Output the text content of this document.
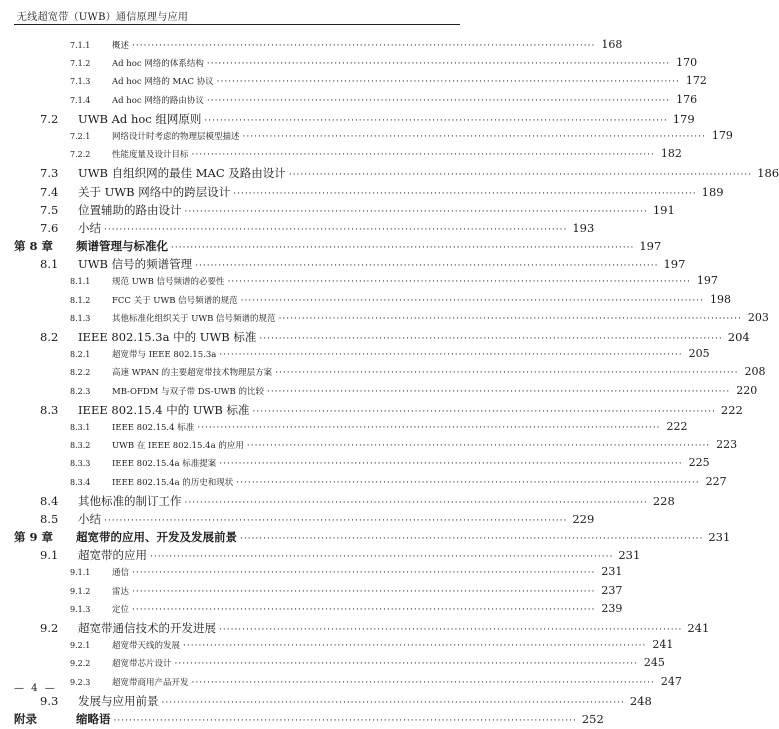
无线超宽带（UWB）通信原理与应用
7.1.1	概述 ························································································································ 168
7.1.2	Ad hoc 网络的体系结构 ························································································································ 170
7.1.3	Ad hoc 网络的 MAC 协议 ························································································································ 172
7.1.4	Ad hoc 网络的路由协议 ························································································································ 176
7.2	UWB Ad hoc 组网原则 ························································································································ 179
7.2.1	网络设计时考虑的物理层模型描述 ························································································································ 179
7.2.2	性能度量及设计目标 ························································································································ 182
7.3	UWB 自组织网的最佳 MAC 及路由设计 ························································································································ 186
7.4	关于 UWB 网络中的跨层设计 ························································································································ 189
7.5	位置辅助的路由设计 ························································································································ 191
7.6	小结 ························································································································ 193
第 8 章	频谱管理与标准化 ························································································································ 197
8.1	UWB 信号的频谱管理 ························································································································ 197
8.1.1	规范 UWB 信号频谱的必要性 ························································································································ 197
8.1.2	FCC 关于 UWB 信号频谱的规范 ························································································································ 198
8.1.3	其他标准化组织关于 UWB 信号频谱的规范 ························································································································ 203
8.2	IEEE 802.15.3a 中的 UWB 标准 ························································································································ 204
8.2.1	超宽带与 IEEE 802.15.3a ························································································································ 205
8.2.2	高速 WPAN 的主要超宽带技术物理层方案 ························································································································ 208
8.2.3	MB-OFDM 与双子带 DS-UWB 的比较 ························································································································ 220
8.3	IEEE 802.15.4 中的 UWB 标准 ························································································································ 222
8.3.1	IEEE 802.15.4 标准 ························································································································ 222
8.3.2	UWB 在 IEEE 802.15.4a 的应用 ························································································································ 223
8.3.3	IEEE 802.15.4a 标准提案 ························································································································ 225
8.3.4	IEEE 802.15.4a 的历史和现状 ························································································································ 227
8.4	其他标准的制订工作 ························································································································ 228
8.5	小结 ························································································································ 229
第 9 章	超宽带的应用、开发及发展前景 ························································································································ 231
9.1	超宽带的应用 ························································································································ 231
9.1.1	通信 ························································································································ 231
9.1.2	雷达 ························································································································ 237
9.1.3	定位 ························································································································ 239
9.2	超宽带通信技术的开发进展 ························································································································ 241
9.2.1	超宽带天线的发展 ························································································································ 241
9.2.2	超宽带芯片设计 ························································································································ 245
9.2.3	超宽带商用产品开发 ························································································································ 247
9.3	发展与应用前景 ························································································································ 248
附录	缩略语 ························································································································ 252
— 4 —
